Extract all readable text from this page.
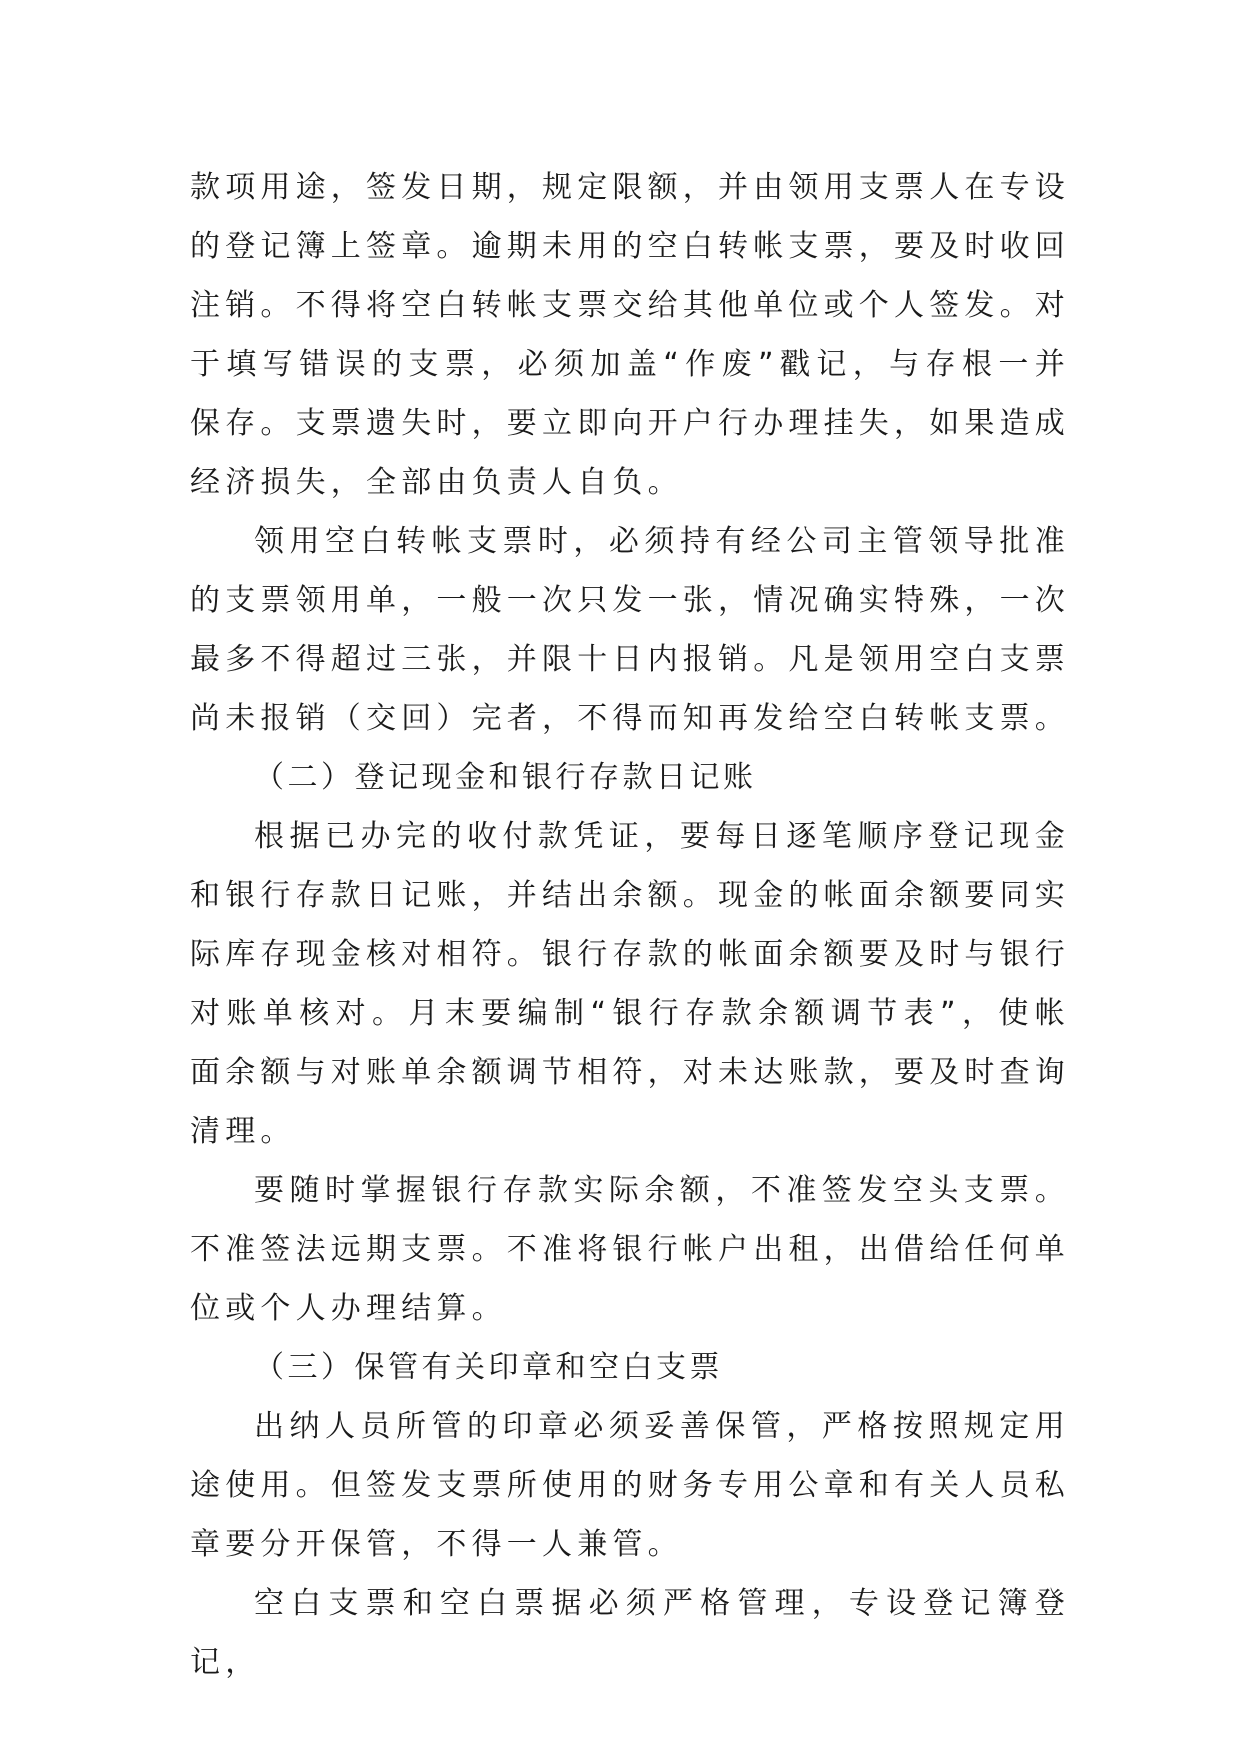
款项用途，签发日期，规定限额，并由领用支票人在专设的登记簿上签章。逾期未用的空白转帐支票，要及时收回注销。不得将空白转帐支票交给其他单位或个人签发。对于填写错误的支票，必须加盖“作废”戳记，与存根一并保存。支票遗失时，要立即向开户行办理挂失，如果造成经济损失，全部由负责人自负。

领用空白转帐支票时，必须持有经公司主管领导批准的支票领用单，一般一次只发一张，情况确实特殊，一次最多不得超过三张，并限十日内报销。凡是领用空白支票尚未报销（交回）完者，不得而知再发给空白转帐支票。

（二）登记现金和银行存款日记账

根据已办完的收付款凭证，要每日逐笔顺序登记现金和银行存款日记账，并结出余额。现金的帐面余额要同实际库存现金核对相符。银行存款的帐面余额要及时与银行对账单核对。月末要编制“银行存款余额调节表”，使帐面余额与对账单余额调节相符，对未达账款，要及时查询清理。

要随时掌握银行存款实际余额，不准签发空头支票。不准签法远期支票。不准将银行帐户出租，出借给任何单位或个人办理结算。

（三）保管有关印章和空白支票

出纳人员所管的印章必须妥善保管，严格按照规定用途使用。但签发支票所使用的财务专用公章和有关人员私章要分开保管，不得一人兼管。

空白支票和空白票据必须严格管理，专设登记簿登记，
